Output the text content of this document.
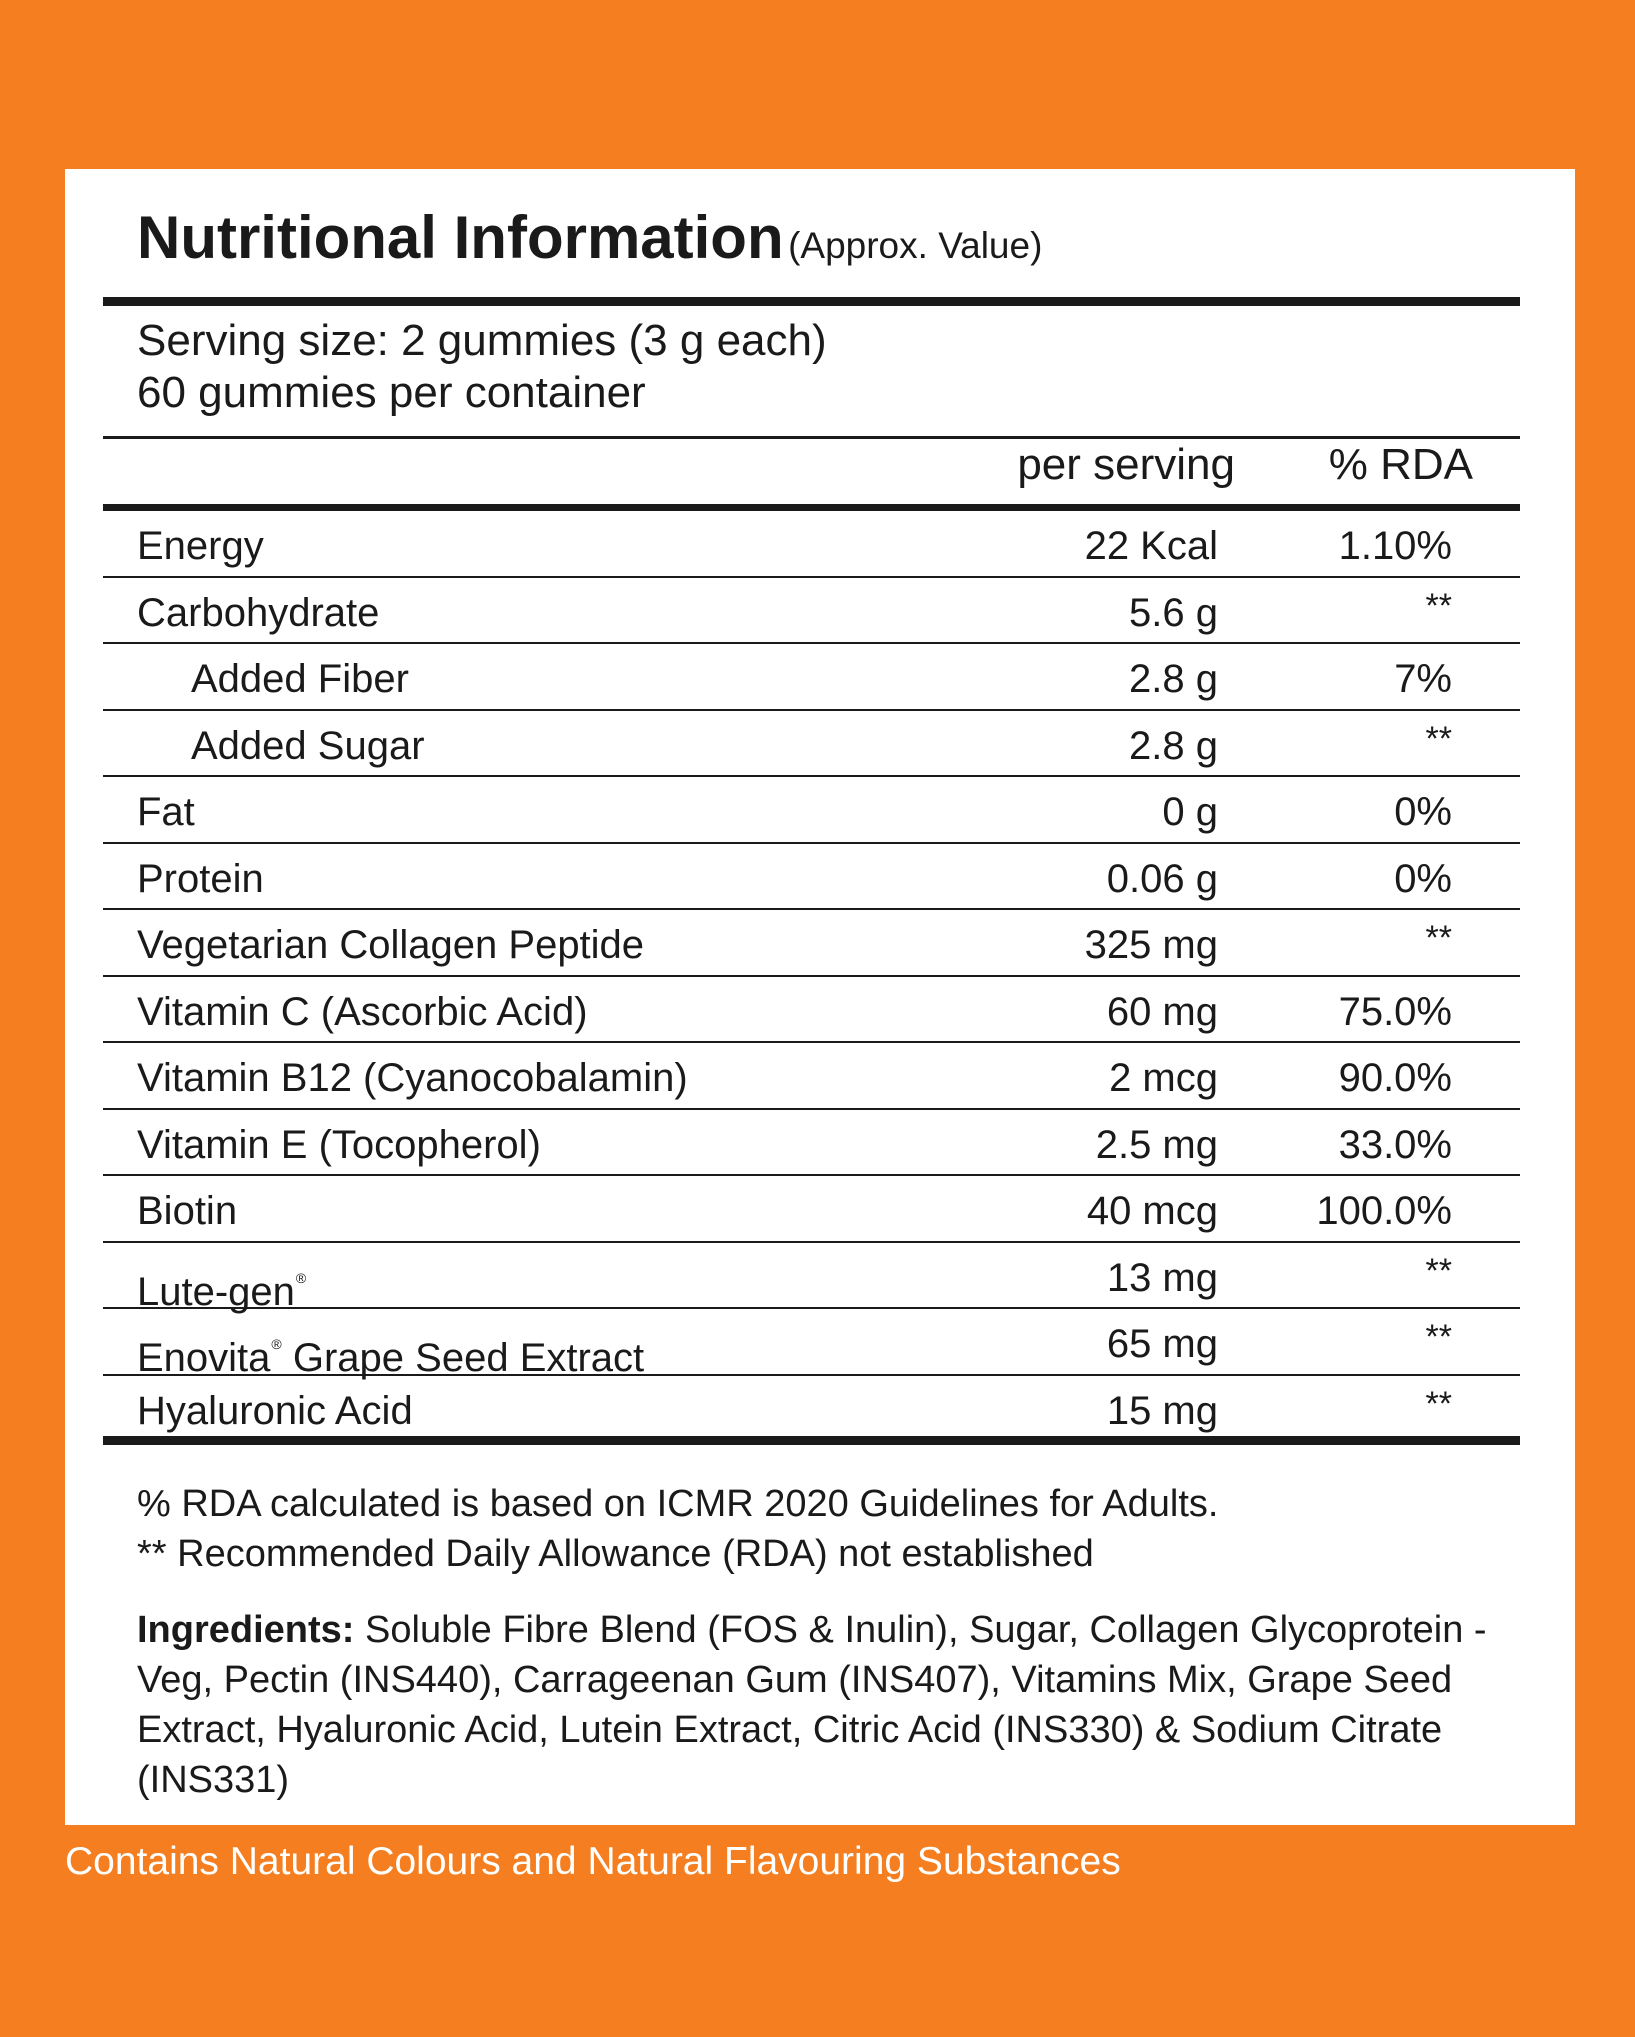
Nutritional Information (Approx. Value)
Serving size: 2 gummies (3 g each)
60 gummies per container
per serving % RDA
Energy	22 Kcal	1.10%
Carbohydrate	5.6 g	**
Added Fiber	2.8 g	7%
Added Sugar	2.8 g	**
Fat	0 g	0%
Protein	0.06 g	0%
Vegetarian Collagen Peptide	325 mg	**
Vitamin C (Ascorbic Acid)	60 mg	75.0%
Vitamin B12 (Cyanocobalamin)	2 mcg	90.0%
Vitamin E (Tocopherol)	2.5 mg	33.0%
Biotin	40 mcg 100.0%
Lute-gen®	13 mg	**
Enovita® Grape Seed Extract	65 mg	**
Hyaluronic Acid	15 mg	**
% RDA calculated is based on ICMR 2020 Guidelines for Adults.
** Recommended Daily Allowance (RDA) not established
Ingredients: Soluble Fibre Blend (FOS & Inulin), Sugar, Collagen Glycoprotein - Veg, Pectin (INS440), Carrageenan Gum (INS407), Vitamins Mix, Grape Seed Extract, Hyaluronic Acid, Lutein Extract, Citric Acid (INS330) & Sodium Citrate (INS331)
Contains Natural Colours and Natural Flavouring Substances
